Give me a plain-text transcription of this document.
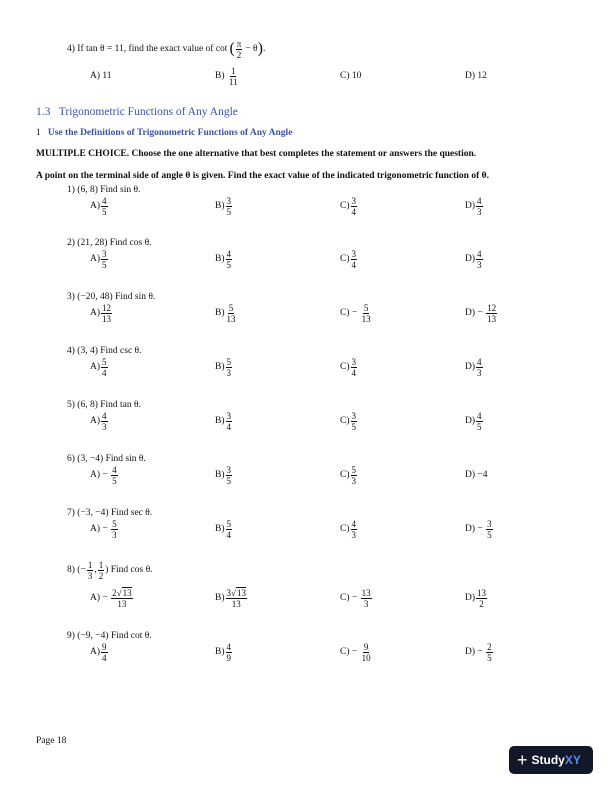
4) If tan θ = 11, find the exact value of cot ( $\frac{\pi}{2} - \theta$ ) .
A) 11	B)
$\frac{1}{11}$	C) 10	D) 12
1.3   Trigonometric Functions of Any Angle
1 Use the Definitions of Trigonometric Functions of Any Angle
MULTIPLE CHOICE. Choose the one alternative that best completes the statement or answers the question.
A point on the terminal side of angle θ is given. Find the exact value of the indicated trigonometric function of θ.
1) (6, 8) Find sin θ.
$A) \frac{4}{5}$	$B) \frac{3}{5}$	$C) \frac{3}{4}$	$D) \frac{4}{3}$
2) (21, 28) Find cos θ.
$A) \frac{3}{5}$	$B) \frac{4}{5}$	$C) \frac{3}{4}$	$D) \frac{4}{3}$
3) (−20, 48) Find sin θ.
$A) \frac{12}{13}$	$B) \frac{5}{13}$	C)
−
$\frac{5}{13}$	D)
−
$\frac{12}{13}$
4) (3, 4) Find csc θ.
$A) \frac{5}{4}$	$B) \frac{5}{3}$	$C) \frac{3}{4}$	$D) \frac{4}{3}$
5) (6, 8) Find tan θ.
$A) \frac{4}{3}$	$B) \frac{3}{4}$	$C) \frac{3}{5}$	$D) \frac{4}{5}$
6) (3, −4) Find sin θ.
A)
−
$\frac{4}{5}$	$B) \frac{3}{5}$	$C) \frac{5}{3}$	D)
−4
7) (−3, −4) Find sec θ.
A)
−
$\frac{5}{3}$	$B) \frac{5}{4}$	$C) \frac{4}{3}$	D)
−
$\frac{3}{5}$
8) (− $\frac{1}{3}$ , $\frac{1}{2}$ ) Find cos θ.
A)
−
$\frac{2√13}{13}$	$B) \frac{3√13}{13}$	C)
−
$\frac{13}{3}$	$D) \frac{13}{2}$
9) (−9, −4) Find cot θ.
$A) \frac{9}{4}$	$B) \frac{4}{9}$	C)
−
$\frac{9}{10}$	D)
−
$\frac{2}{5}$
Page 18
+ Study XY
